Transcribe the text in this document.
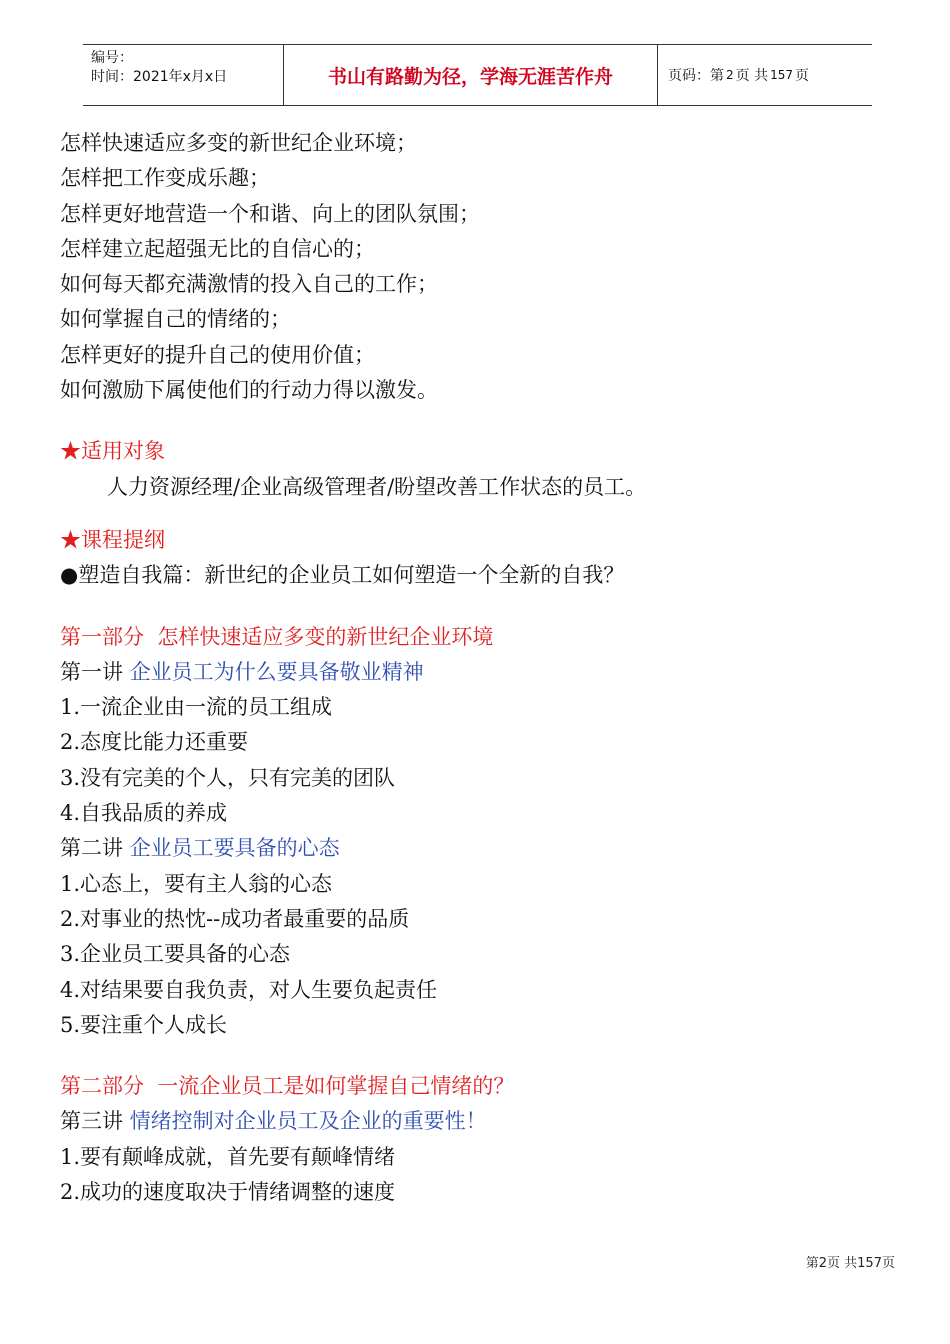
编号：
时间：2021年x月x日	书山有路勤为径，学海无涯苦作舟	页码：第 2 页 共 157 页
怎样快速适应多变的新世纪企业环境；
怎样把工作变成乐趣；
怎样更好地营造一个和谐、向上的团队氛围；
怎样建立起超强无比的自信心的；
如何每天都充满激情的投入自己的工作；
如何掌握自己的情绪的；
怎样更好的提升自己的使用价值；
如何激励下属使他们的行动力得以激发。
★适用对象
人力资源经理/企业高级管理者/盼望改善工作状态的员工。
★课程提纲
●塑造自我篇：新世纪的企业员工如何塑造一个全新的自我？
第一部分  怎样快速适应多变的新世纪企业环境
第一讲 企业员工为什么要具备敬业精神
1.一流企业由一流的员工组成
2.态度比能力还重要
3.没有完美的个人，只有完美的团队
4.自我品质的养成
第二讲 企业员工要具备的心态
1.心态上，要有主人翁的心态
2.对事业的热忱--成功者最重要的品质
3.企业员工要具备的心态
4.对结果要自我负责，对人生要负起责任
5.要注重个人成长
第二部分  一流企业员工是如何掌握自己情绪的？
第三讲 情绪控制对企业员工及企业的重要性！
1.要有颠峰成就，首先要有颠峰情绪
2.成功的速度取决于情绪调整的速度
第2页 共157页
